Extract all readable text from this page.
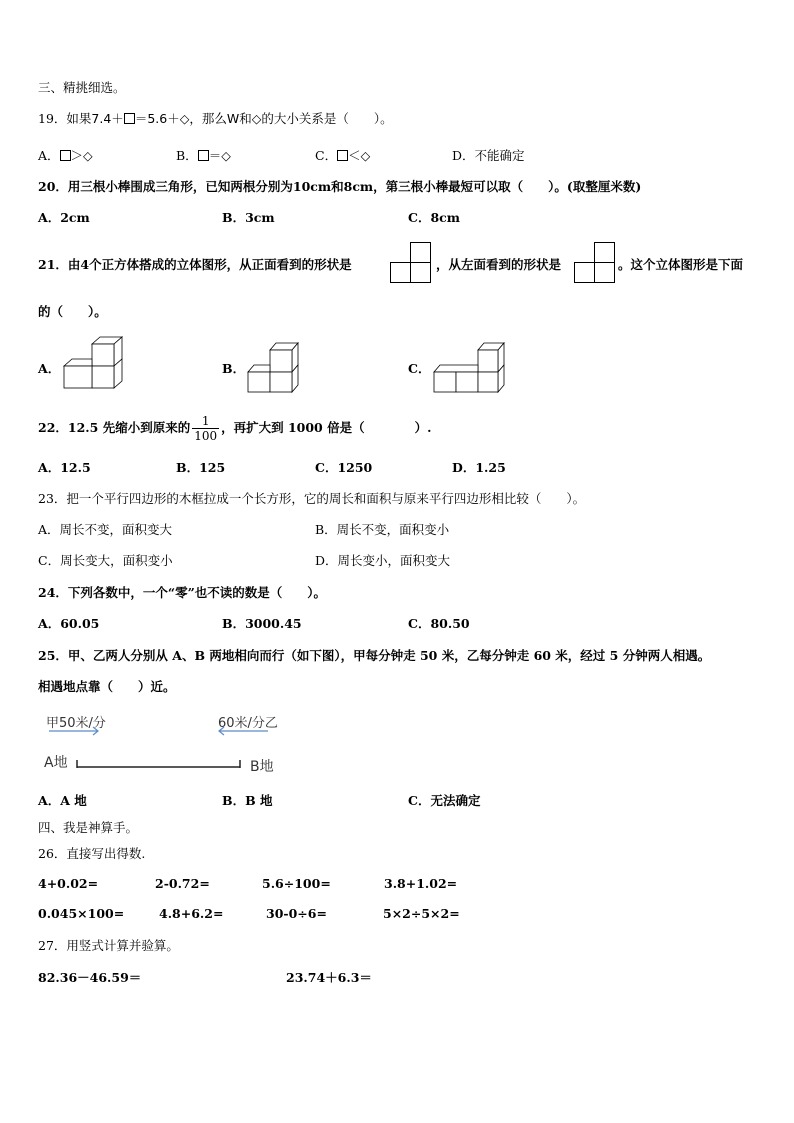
三、精挑细选。
19．如果7.4＋ ＝5.6＋◇，那么W和◇的大小关系是（　　）。
A． ＞◇	B． ＝◇	C． ＜◇	D．不能确定
20．用三根小棒围成三角形，已知两根分别为10cm和8cm，第三根小棒最短可以取（　　）。(取整厘米数)
A．2cm	B．3cm	C．8cm
21．由4个正方体搭成的立体图形，从正面看到的形状是	，从左面看到的形状是	。这个立体图形是下面
的（　　）。
A．	B．	C．
22．12.5 先缩小到原来的 $\frac{1}{100}$ ，再扩大到 1000 倍是（　　　　）.
A．12.5	B．125	C．1250	D．1.25
23．把一个平行四边形的木框拉成一个长方形，它的周长和面积与原来平行四边形相比较（　　）。
A．周长不变，面积变大	B．周长不变，面积变小
C．周长变大，面积变小	D．周长变小，面积变大
24．下列各数中，一个“零”也不读的数是（　　）。
A．60.05	B．3000.45	C．80.50
25．甲、乙两人分别从 A、B 两地相向而行（如下图），甲每分钟走 50 米，乙每分钟走 60 米，经过 5 分钟两人相遇。
相遇地点靠（　　）近。
甲50米/分	60米/分乙
A地	B地
A．A 地	B．B 地	C．无法确定
四、我是神算手。
26．直接写出得数.
4+0.02=	2-0.72=	5.6÷100=	3.8+1.02=
0.045×100=	4.8+6.2=	30-0÷6=	5×2÷5×2=
27．用竖式计算并验算。
82.36－46.59＝	23.74＋6.3＝
